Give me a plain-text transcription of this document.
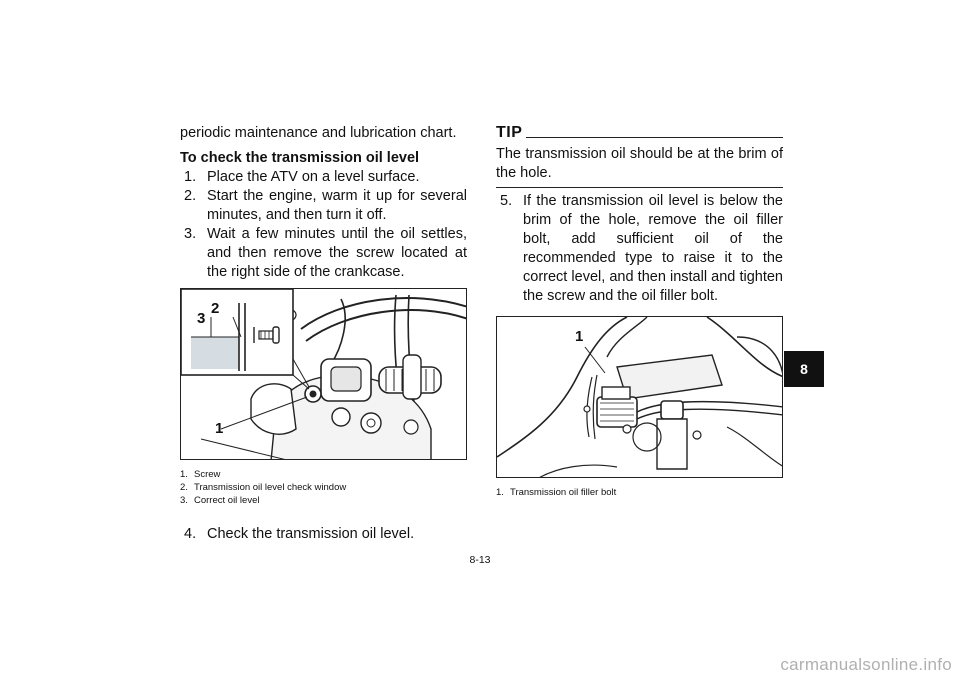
periodic maintenance and lubrication chart.

To check the transmission oil level

1. Place the ATV on a level surface.
2. Start the engine, warm it up for several minutes, and then turn it off.
3. Wait a few minutes until the oil settles, and then remove the screw located at the right side of the crankcase.
1
2
3
1. Screw
2. Transmission oil level check window
3. Correct oil level
4. Check the transmission oil level.
TIP

The transmission oil should be at the brim of the hole.

5. If the transmission oil level is below the brim of the hole, remove the oil filler bolt, add sufficient oil of the recommended type to raise it to the correct level, and then install and tighten the screw and the oil filler bolt.
1
1. Transmission oil filler bolt
8
8-13
carmanualsonline.info
